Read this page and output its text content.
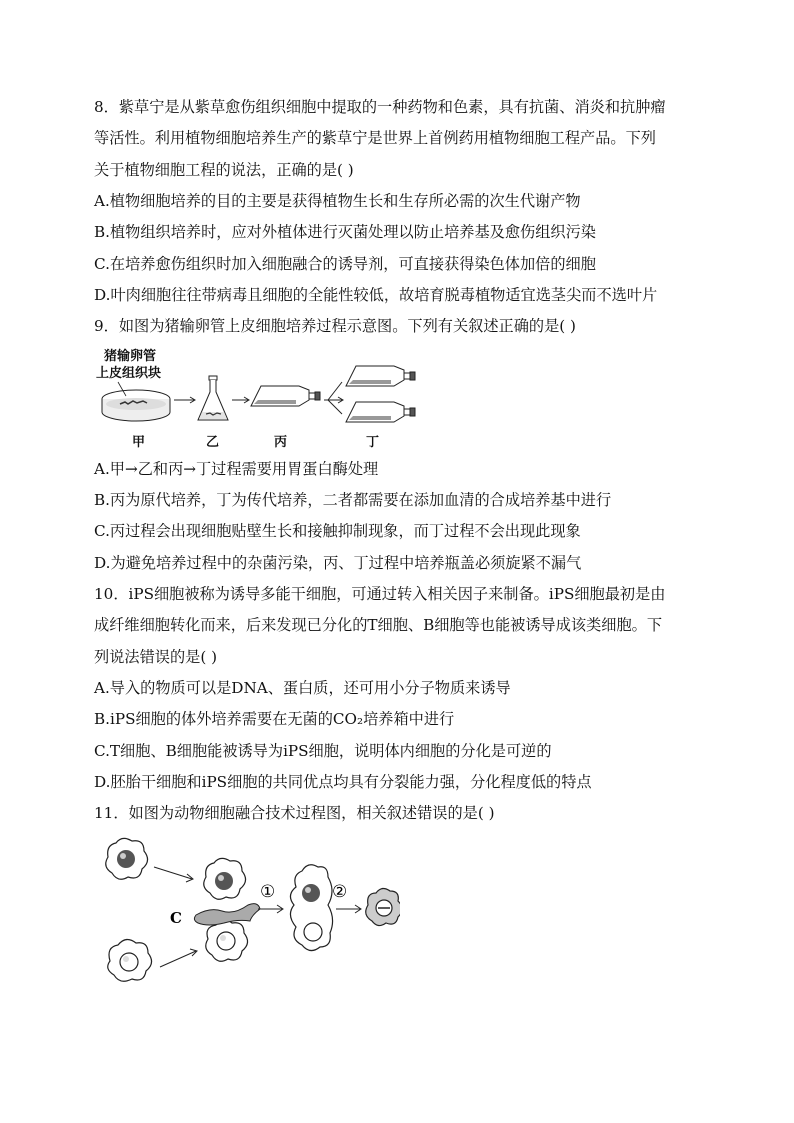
8．紫草宁是从紫草愈伤组织细胞中提取的一种药物和色素，具有抗菌、消炎和抗肿瘤
等活性。利用植物细胞培养生产的紫草宁是世界上首例药用植物细胞工程产品。下列
关于植物细胞工程的说法，正确的是( )
A.植物细胞培养的目的主要是获得植物生长和生存所必需的次生代谢产物
B.植物组织培养时，应对外植体进行灭菌处理以防止培养基及愈伤组织污染
C.在培养愈伤组织时加入细胞融合的诱导剂，可直接获得染色体加倍的细胞
D.叶肉细胞往往带病毒且细胞的全能性较低，故培育脱毒植物适宜选茎尖而不选叶片
9．如图为猪输卵管上皮细胞培养过程示意图。下列有关叙述正确的是( )
猪输卵管
上皮组织块
甲	乙	丙	丁
A.甲→乙和丙→丁过程需要用胃蛋白酶处理
B.丙为原代培养，丁为传代培养，二者都需要在添加血清的合成培养基中进行
C.丙过程会出现细胞贴壁生长和接触抑制现象，而丁过程不会出现此现象
D.为避免培养过程中的杂菌污染，丙、丁过程中培养瓶盖必须旋紧不漏气
10．iPS细胞被称为诱导多能干细胞，可通过转入相关因子来制备。iPS细胞最初是由
成纤维细胞转化而来，后来发现已分化的T细胞、B细胞等也能被诱导成该类细胞。下
列说法错误的是( )
A.导入的物质可以是DNA、蛋白质，还可用小分子物质来诱导
B.iPS细胞的体外培养需要在无菌的CO₂培养箱中进行
C.T细胞、B细胞能被诱导为iPS细胞，说明体内细胞的分化是可逆的
D.胚胎干细胞和iPS细胞的共同优点均具有分裂能力强，分化程度低的特点
11．如图为动物细胞融合技术过程图，相关叙述错误的是( )
C
①	②
